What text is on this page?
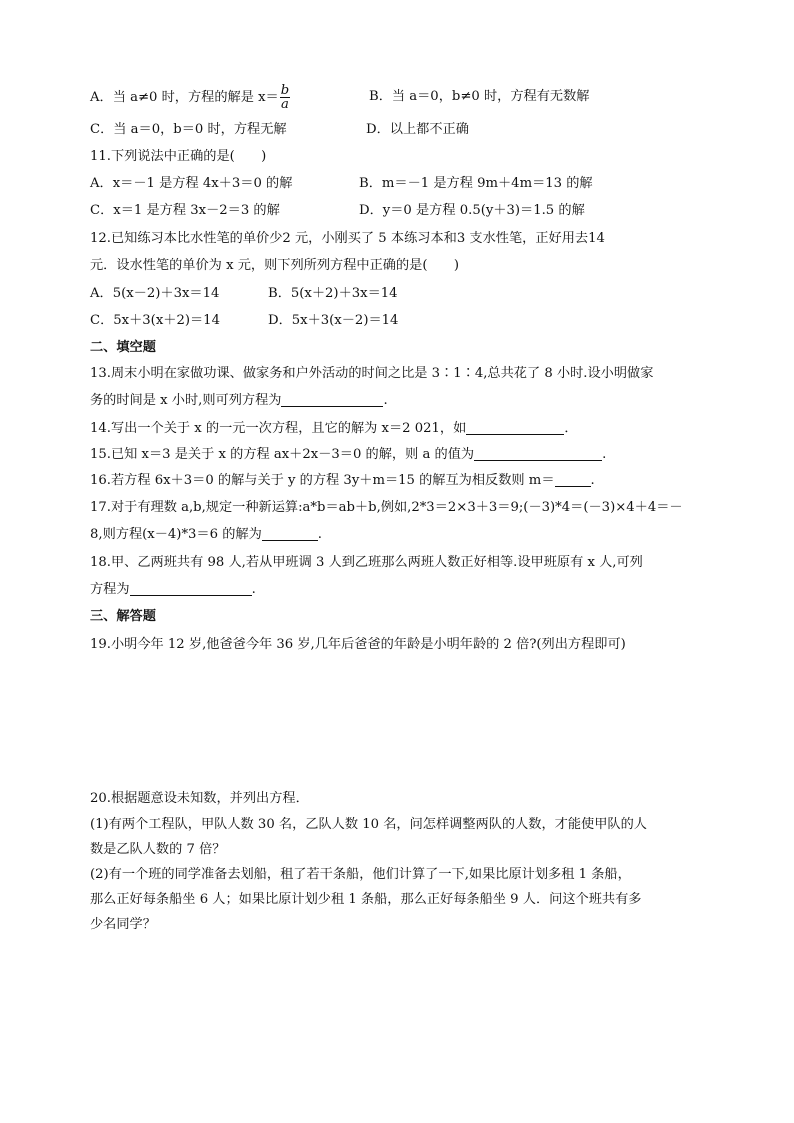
A．当 a≠0 时，方程的解是 $x= \frac{b}{a}$	B．当 a＝0，b≠0 时，方程有无数解
C．当 a＝0，b＝0 时，方程无解	D．以上都不正确
11.下列说法中正确的是(　　)
A．x＝－1 是方程 4x＋3＝0 的解	B．m＝－1 是方程 9m＋4m＝13 的解
C．x＝1 是方程 3x－2＝3 的解	D．y＝0 是方程 0.5(y＋3)＝1.5 的解
12.已知练习本比水性笔的单价少2 元，小刚买了 5 本练习本和3 支水性笔，正好用去14
元．设水性笔的单价为 x 元，则下列所列方程中正确的是(　　)
A．5(x－2)＋3x＝14	B．5(x＋2)＋3x＝14
C．5x＋3(x＋2)＝14	D．5x＋3(x－2)＝14
二、填空题
13.周末小明在家做功课、做家务和户外活动的时间之比是 3∶1∶4,总共花了 8 小时.设小明做家
务的时间是 x 小时,则可列方程为	.
14.写出一个关于 x 的一元一次方程，且它的解为 x＝2 021，如	．
15.已知 x＝3 是关于 x 的方程 ax＋2x－3＝0 的解，则 a 的值为	.
16.若方程 6x＋3＝0 的解与关于 y 的方程 3y＋m＝15 的解互为相反数则 m＝	.
17.对于有理数 a,b,规定一种新运算:a*b＝ab＋b,例如,2*3＝2×3＋3＝9;(－3)*4＝(－3)×4＋4＝－
8,则方程(x－4)*3＝6 的解为	.
18.甲、乙两班共有 98 人,若从甲班调 3 人到乙班那么两班人数正好相等.设甲班原有 x 人,可列
方程为	.
三、解答题
19.小明今年 12 岁,他爸爸今年 36 岁,几年后爸爸的年龄是小明年龄的 2 倍?(列出方程即可)
20.根据题意设未知数，并列出方程．
(1)有两个工程队，甲队人数 30 名，乙队人数 10 名，问怎样调整两队的人数，才能使甲队的人
数是乙队人数的 7 倍？
(2)有一个班的同学准备去划船，租了若干条船，他们计算了一下,如果比原计划多租 1 条船，
那么正好每条船坐 6 人；如果比原计划少租 1 条船，那么正好每条船坐 9 人．问这个班共有多
少名同学？
